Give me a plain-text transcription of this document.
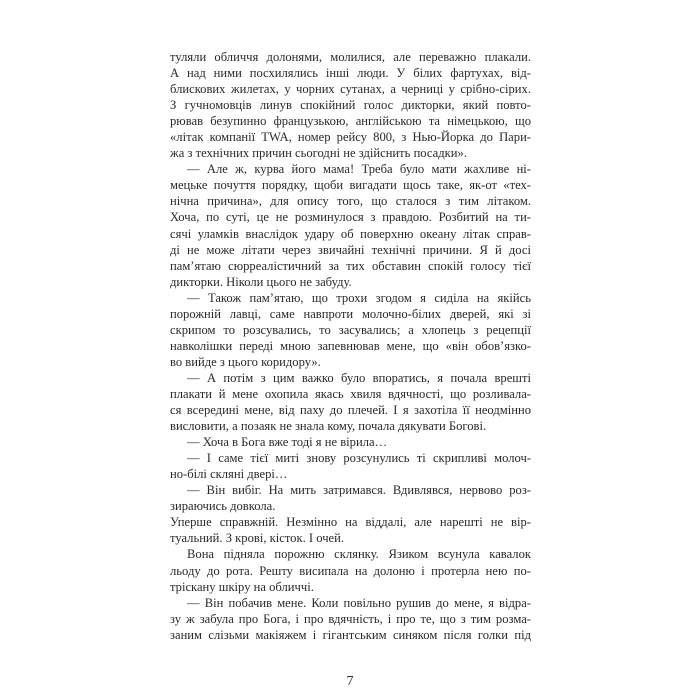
туляли обличчя долонями, молилися, але переважно плакали.
А над ними посхилялись інші люди. У білих фартухах, від-
блискових жилетах, у чорних сутанах, а черниці у срібно-сірих.
З гучномовців линув спокійний голос дикторки, який повто-
рював безупинно французькою, англійською та німецькою, що
«літак компанії TWA, номер рейсу 800, з Нью-Йорка до Пари-
жа з технічних причин сьогодні не здійснить посадки».
— Але ж, курва його мама! Треба було мати жахливе ні-
мецьке почуття порядку, щоби вигадати щось таке, як-от «тех-
нічна причина», для опису того, що сталося з тим літаком.
Хоча, по суті, це не розминулося з правдою. Розбитий на ти-
сячі уламків внаслідок удару об поверхню океану літак справ-
ді не може літати через звичайні технічні причини. Я й досі
пам’ятаю сюрреалістичний за тих обставин спокій голосу тієї
дикторки. Ніколи цього не забуду.
— Також пам’ятаю, що трохи згодом я сиділа на якійсь
порожній лавці, саме навпроти молочно-білих дверей, які зі
скрипом то розсувались, то засувались; а хлопець з рецепції
навколішки переді мною запевнював мене, що «він обов’язко-
во вийде з цього коридору».
— А потім з цим важко було впоратись, я почала врешті
плакати й мене охопила якась хвиля вдячності, що розливала-
ся всередині мене, від паху до плечей. І я захотіла її неодмінно
висловити, а позаяк не знала кому, почала дякувати Богові.
— Хоча в Бога вже тоді я не вірила…
— І саме тієї миті знову розсунулись ті скрипливі молоч-
но-білі скляні двері…
— Він вибіг. На мить затримався. Вдивлявся, нервово роз-
зираючись довкола.
Уперше справжній. Незмінно на віддалі, але нарешті не вір-
туальний. З крові, кісток. І очей.
Вона підняла порожню склянку. Язиком всунула кавалок
льоду до рота. Решту висипала на долоню і протерла нею по-
тріскану шкіру на обличчі.
— Він побачив мене. Коли повільно рушив до мене, я відра-
зу ж забула про Бога, і про вдячність, і про те, що з тим розма-
заним слізьми макіяжем і гігантським синяком після голки під
7
